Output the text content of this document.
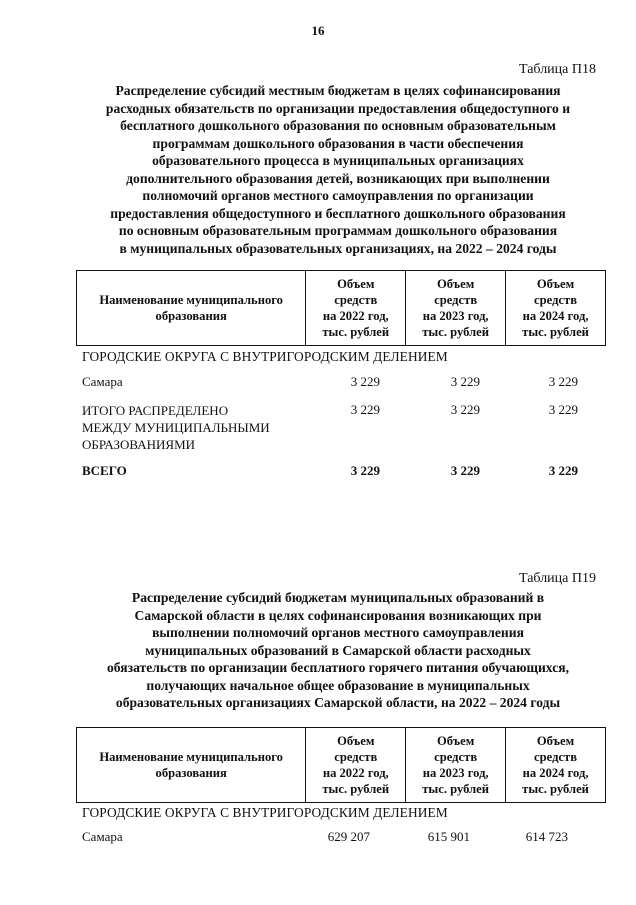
16
Таблица П18
Распределение субсидий местным бюджетам в целях софинансирования
расходных обязательств по организации предоставления общедоступного и
бесплатного дошкольного образования по основным образовательным
программам дошкольного образования в части обеспечения
образовательного процесса в муниципальных организациях
дополнительного образования детей, возникающих при выполнении
полномочий органов местного самоуправления по организации
предоставления общедоступного и бесплатного дошкольного образования
по основным образовательным программам дошкольного образования
в муниципальных образовательных организациях, на 2022 – 2024 годы
Наименование муниципального
образования

Объем
средств
на 2022 год,
тыс. рублей

Объем
средств
на 2023 год,
тыс. рублей

Объем
средств
на 2024 год,
тыс. рублей
ГОРОДСКИЕ ОКРУГА С ВНУТРИГОРОДСКИМ ДЕЛЕНИЕМ
Самара	3 229	3 229	3 229
ИТОГО РАСПРЕДЕЛЕНО
МЕЖДУ МУНИЦИПАЛЬНЫМИ
ОБРАЗОВАНИЯМИ
3 229	3 229	3 229
ВСЕГО	3 229	3 229	3 229
Таблица П19
Распределение субсидий бюджетам муниципальных образований в
Самарской области в целях софинансирования возникающих при
выполнении полномочий органов местного самоуправления
муниципальных образований в Самарской области расходных
обязательств по организации бесплатного горячего питания обучающихся,
получающих начальное общее образование в муниципальных
образовательных организациях Самарской области, на 2022 – 2024 годы
Наименование муниципального
образования

Объем
средств
на 2022 год,
тыс. рублей

Объем
средств
на 2023 год,
тыс. рублей

Объем
средств
на 2024 год,
тыс. рублей
ГОРОДСКИЕ ОКРУГА С ВНУТРИГОРОДСКИМ ДЕЛЕНИЕМ
Самара	629 207	615 901	614 723
